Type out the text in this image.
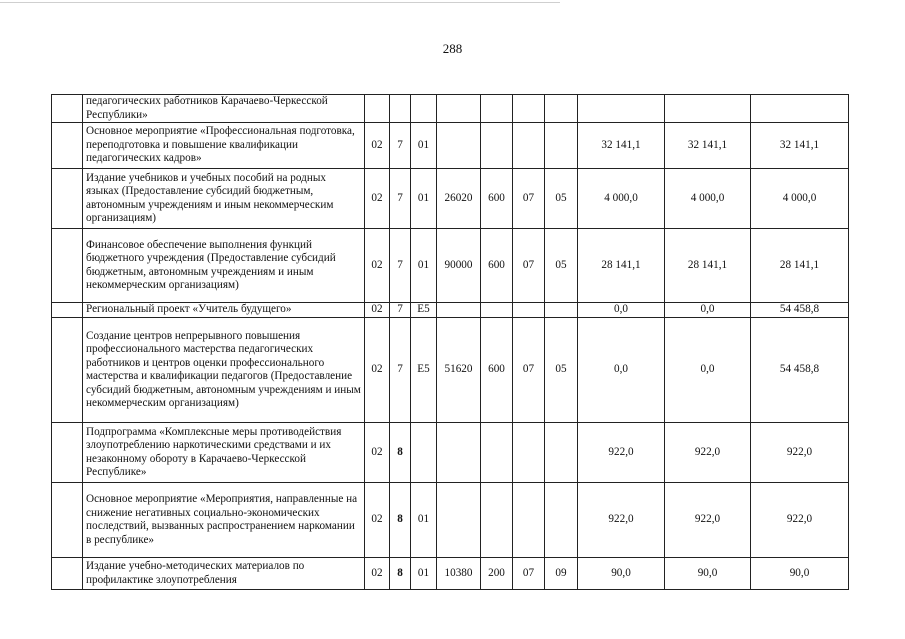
288
	педагогических работников Карачаево-Черкесской Республики»										
	Основное мероприятие «Профессиональная подготовка, переподготовка и повышение квалификации педагогических кадров»	02	7	01					32 141,1	32 141,1	32 141,1
	Издание учебников и учебных пособий на родных языках (Предоставление субсидий бюджетным, автономным учреждениям и иным некоммерческим организациям)	02	7	01	26020	600	07	05	4 000,0	4 000,0	4 000,0
	Финансовое обеспечение выполнения функций бюджетного учреждения (Предоставление субсидий бюджетным, автономным учреждениям и иным некоммерческим организациям)	02	7	01	90000	600	07	05	28 141,1	28 141,1	28 141,1
	Региональный проект «Учитель будущего»	02	7	E5					0,0	0,0	54 458,8
	Создание центров непрерывного повышения профессионального мастерства педагогических работников и центров оценки профессионального мастерства и квалификации педагогов (Предоставление субсидий бюджетным, автономным учреждениям и иным некоммерческим организациям)	02	7	E5	51620	600	07	05	0,0	0,0	54 458,8
	Подпрограмма «Комплексные меры противодействия злоупотреблению наркотическими средствами и их незаконному обороту в Карачаево-Черкесской Республике»	02	8						922,0	922,0	922,0
	Основное мероприятие «Мероприятия, направленные на снижение негативных социально-экономических последствий, вызванных распространением наркомании в республике»	02	8	01					922,0	922,0	922,0
	Издание учебно-методических материалов по профилактике злоупотребления	02	8	01	10380	200	07	09	90,0	90,0	90,0
